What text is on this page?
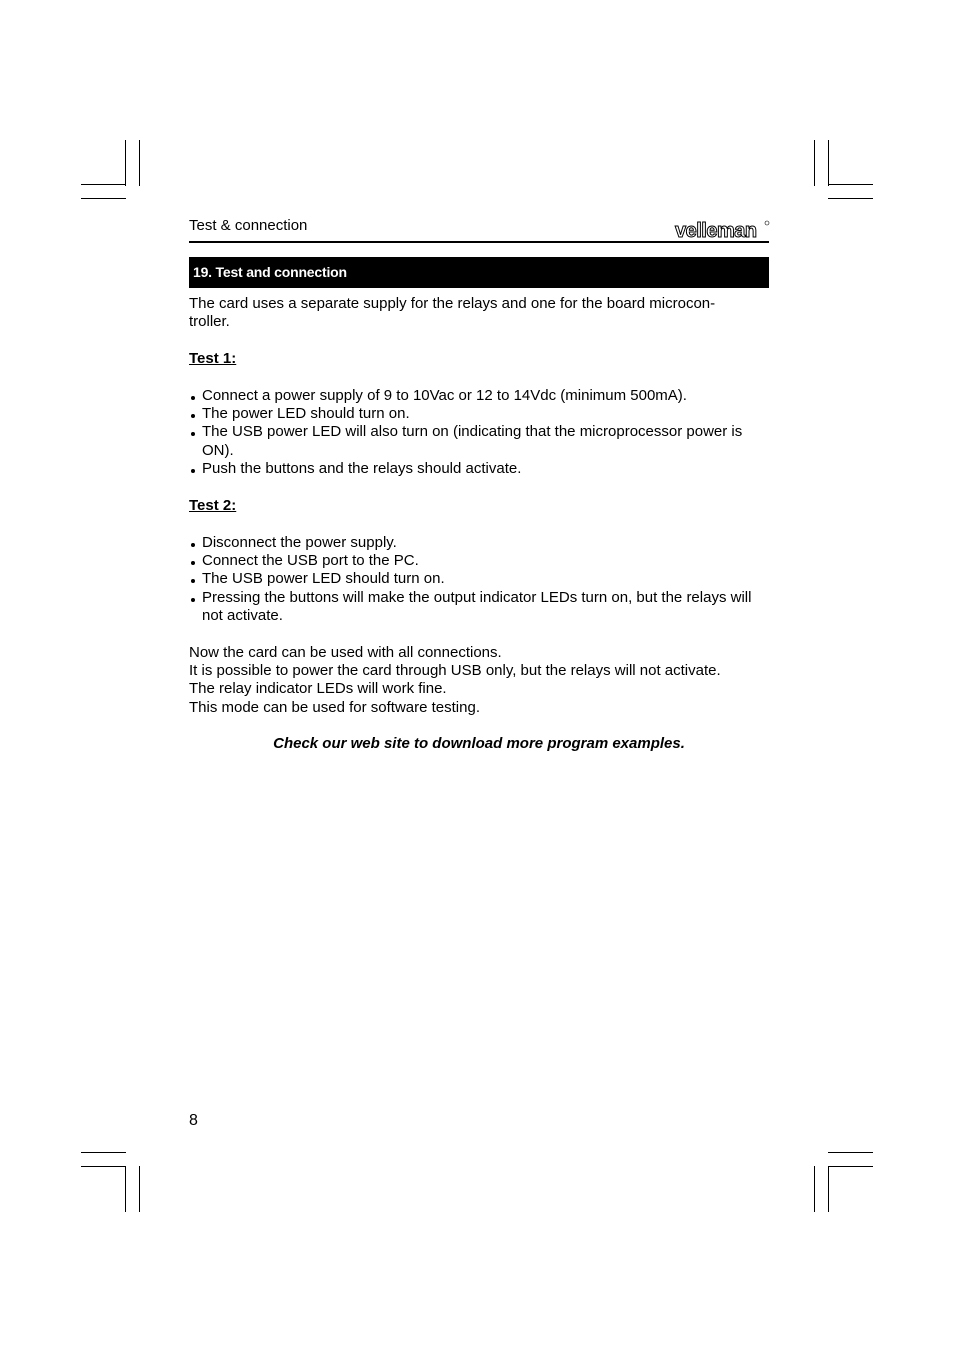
Test & connection	velleman
19. Test and connection

The card uses a separate supply for the relays and one for the board microcon-
troller.

Test 1:

Connect a power supply of 9 to 10Vac or 12 to 14Vdc (minimum 500mA).
The power LED should turn on.
The USB power LED will also turn on (indicating that the microprocessor power is ON).
Push the buttons and the relays should activate.

Test 2:

Disconnect the power supply.
Connect the USB port to the PC.
The USB power LED should turn on.
Pressing the buttons will make the output indicator LEDs turn on, but the relays will not activate.

Now the card can be used with all connections.

It is possible to power the card through USB only, but the relays will not activate.

The relay indicator LEDs will work fine.

This mode can be used for software testing.

Check our web site to download more program examples.

8
